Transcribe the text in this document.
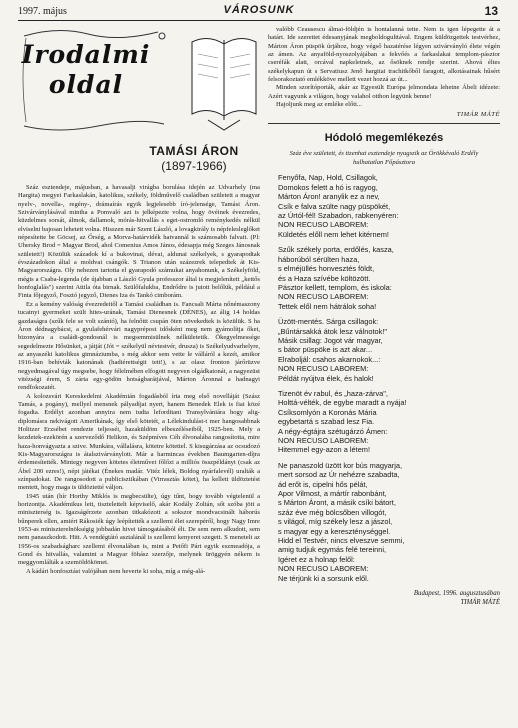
1997. május	VÁROSUNK	13
Irodalmi
oldal
TAMÁSI ÁRON
(1897-1966)

Száz esztendeje, májusban, a havasalji virágba borulása idején az Udvarhely (ma Hargita) megyei Farkaslakán, katolikus, székely, földművelő családban született a magyar nyelv-, novella-, regény-, drámaírás egyik legjelesebb író-jelensége, Tamási Áron. Szivárványlásával mintha a Pomvaló azt is jelképezte volna, hogy övéinek évezredes, küzdelmes sorsát, álmok, dallamok, mórás-hitvallás s eget-ostromló reménykedés nélkül elviselni bajosan lehetett volna. Hisszen már Szent László, a lovagkirály is népfelesleglőket népesítette be Göcsej, az Őrség, a Morva-határvidék hatvannál is számosabb falvait. (Pl: Uhersky Brod = Magyar Brod, ahol Comenius Amos János, édesapja még Szeges Jánosnak született!) Közülük századok kí a bukovinai, dévai, aldunai székelyek, s gyarapodtak évszázadokon által a moldvai csángók. S Trianon után százezrek telepedtek át Kis-Magyarországra. Oly nehezen tartotta el gyarapodó számukat anyahonunk, a Székelyföld, mégis a Csaba-legenda (de újabban a László Gyula professzor által is megjelenített „kettős honfoglalás") szerint Attila óta birnak. Szülőfalukba, Endrődre is jutott belőlük, például a Finta főjegyző, Fosztó jegyző, Dienes Iza és Tankó cimborám.

Ez a kemény valóság évezredeitől a Tamási családban is. Fancsali Márta nőnémaszony tucatnyi gyermeket szült hites-urának, Tamási Dienesnek (DÉNES), az álig 14 holdas gazdaságra (szűk fele se volt szántó), ha felnőttt csupán öten növekedtek is közülük. S ha Áron dédnagybácsi, a gyulafehérvári nagyprépost idősként meg nem gyámolítja őket, bizonyára a családi-gondosnál is megsemmisülnek nélkületetik. Ökegyelmessége segedelmezte Hősünket, a játját (Jót = székelyül névtestvér, drusza) is Székelyudvarhelyre, az anyaszéki katolikus gimnáziumba, s még akkor sem vette le válláról a kezét, amikor 1916-ban behívták katonának (hadiérettségit tett!), s az olasz fronton járőrüzve negyedmagával úgy megsebe, hogy félelmében elfogott negyven olgádkatonát, a nagyezüst vitézségi érem, S zárta egy-gödön hotságbarátjával, Márton Áronnal a hadnagyi rendfokozatét.

A kolozsvári Kereskedelmi Akadémián fogadásból írta meg első novelláját (Szász Tamás, a pogány), mellyel mensnek pályadíjat nyert, hanem Benedek Elek is fiai közé fogadta. Erdélyt azonban annyira nem tudta leforditani Transylvániára hogy alig-diplomásra nekivágott Amerikának, így első kötetét, a Lélekindulást-t mer hangosabbnak Holitzer Erzsébet rendezte teljesséi, hazaküldöm elbeszéléseiből, 1925-ben. Mely a kezdetek-ezekörén a szerveződő Helikon, és Szépmíves Céh élvonalába rangosította, mire haza-honvágyazta a szive. Munkára, vállalásra, kötetre kötettel. S kisugárzása az ocsudozó Kis-Magyarországra is átalszivárványlott. Már a harmincas években Baumgarten-díjra érdemesítették. Mintegy negyven kötetes életművet főlőzi a milliós összpéldányt (csak az Ábel 200 ezres!), népi játékai (Énekes madár. Vitéz lélek, Boldog nyárfalevél) uralták a színpadokat. De rangosodott a publicisztikában (Virrasztás kötet), ha kellett üldöztetést mentett, hogy maga is üldöztetté váljon.

1945 után (hír Horthy Miklós is megbecsülte), úgy tűnt, hogy tovább végtelenül a horizontja. Akadémikus lett, tisztelettelt képviselő, akár Kodály Zoltán, sőt szóba jött a miniszterség is. Igazságérzete azonban titkakózott a sokszor mondvacsinált háborús bűnperek ellen, amiért Rákosiék úgy leépítették a szellemi élet szerepéről, hogy Nagy Imre 1953-as miniszterelnökségig jobbadán hivei támogatásából élt. De sem nem alkudott, sem nem panaszkodott. Hitt. A vendégtátó asztalánál is szellemi kenyeret szegett. S menetelt az 1956-os szabadságharc szellemi élvonalában is, mint a Petőfi Párt egyik eszmeadója, a Gond és hitvallás, valamint a Magyar föhász szerzője, melynek üröggyén nékem is meggyomlálták a szemöldökömet.

A kádári honfosztást valójában nem heverte ki soha, míg a még-alá-

valóbb Ceausescu álmai-földjén is hontalanná tette. Nem is igen lépegette át a határt. Ide szerettet édesanyjának megboldogulttával. Engem küldözgettek testvérhez, Márton Áron püspök úrjához, hogy végső hazatérése légyen szivárványló élete végén az ámen. Az anyaföld-nyoszolyájában a fekvőés a farkaslakai templom-pásztor cseréfák alatt, orcával napkeletnek, az ősöknek rendje szerint. Ahová éltes székelykapun út s Servatiusz Jenő hargitai trachitkőből faragott, alkotásainak hűsért felsorakoztató emlékköve mellett vezet hozzá az út...

Minden szorítóporták, akár az Egyesült Európa jelmondata lehetne Ábeli idézete: Azért vagyunk a világon, hogy valahol otthon legyünk benne!

Hajoljunk meg az emléke előtt...

TIMÁR MÁTÉ
Hódoló megemlékezés
Száz éve született, és tizenhat esztendeje nyugszik az Örökkévaló Erdély hulhatatlan Főpásztora
Fenyőfa, Nap, Hold, Csillagok,
Domokos felett a hó is ragyog,
Márton Áron! aranylik ez a nev,
Csík e falva szülte nagy püspökét,
az Úrtól-fél! Szabadon, rabkenyéren:
NON RECUSO LABOREM:
Küldetés előll nem lehet kitérnem!
Szűk székely porta, erdőlés, kasza,
háborúból sérülten haza,
s elméjüllés honvesztés földt,
és a Haza szívébe költözött.
Pásztor kellett, templom, és iskola:
NON RECUSO LABOREM:
Tettek elől nem hátrálok soha!
Üzött-mentés. Sárga csillagok:
„Bűntársakká átok lesz válnotok!"
Másik csillag: Jogot vár magyar,
s bátor püspöke is azt akar...
Elraboljál: csahos akarnokok...:
NON RECUSO LABOREM:
Példát nyújtva élek, és halok!
Tizenöt év rabul, és „haza-zárva",
Holttá-vélték, de egybe maradt a nyája!
Csíksomlyón a Koronás Mária
egybetartá s szabad lesz Fia.
A négy-égtájra szétugárzó Ámen:
NON RECUSO LABOREM:
Hitemmel egy-azon a létem!
Ne panaszold üzött kor bús magyarja,
mert sorsod az Úr nehézre szabadta,
ád erőt is, cipelni hős pélát,
Apor Vilmost, a mártír rabonbánt,
s Márton Áront, a másik csíki bátort,
száz éve még bölcsőben villogót,
s világol, míg székely lesz a jászol,
s magyar egy a kereszténységgel.
Hidd el Testvér, nincs elveszve semmi,
amig tudjuk egymás felé tereinni,
Igéret ez a holnap felől:
NON RECUSO LABOREM:
Ne térjünk ki a sorsunk elől.
Budapest, 1996. augusztusában
TIMÁR MÁTÉ
